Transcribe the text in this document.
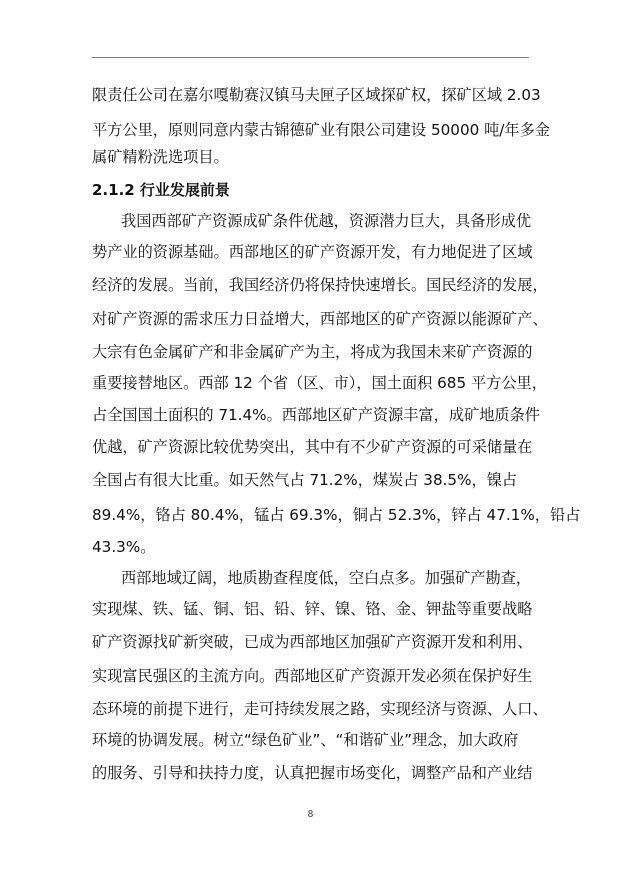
限责任公司在嘉尔嘎勒赛汉镇马夫匣子区域探矿权，探矿区域 2.03
平方公里，原则同意内蒙古锦德矿业有限公司建设 50000 吨/年多金
属矿精粉洗选项目。
2.1.2 行业发展前景
我国西部矿产资源成矿条件优越，资源潜力巨大，具备形成优
势产业的资源基础。西部地区的矿产资源开发，有力地促进了区域
经济的发展。当前，我国经济仍将保持快速增长。国民经济的发展，
对矿产资源的需求压力日益增大，西部地区的矿产资源以能源矿产、
大宗有色金属矿产和非金属矿产为主，将成为我国未来矿产资源的
重要接替地区。西部 12 个省（区、市），国土面积 685 平方公里，
占全国国土面积的 71.4%。西部地区矿产资源丰富，成矿地质条件
优越，矿产资源比较优势突出，其中有不少矿产资源的可采储量在
全国占有很大比重。如天然气占 71.2%，煤炭占 38.5%，镍占
89.4%，铬占 80.4%，锰占 69.3%，铜占 52.3%，锌占 47.1%，铅占
43.3%。
西部地域辽阔，地质勘查程度低，空白点多。加强矿产勘查，
实现煤、铁、锰、铜、铝、铅、锌、镍、铬、金、钾盐等重要战略
矿产资源找矿新突破，已成为西部地区加强矿产资源开发和利用、
实现富民强区的主流方向。西部地区矿产资源开发必须在保护好生
态环境的前提下进行，走可持续发展之路，实现经济与资源、人口、
环境的协调发展。树立“绿色矿业”、“和谐矿业”理念，加大政府
的服务、引导和扶持力度，认真把握市场变化，调整产品和产业结
8
